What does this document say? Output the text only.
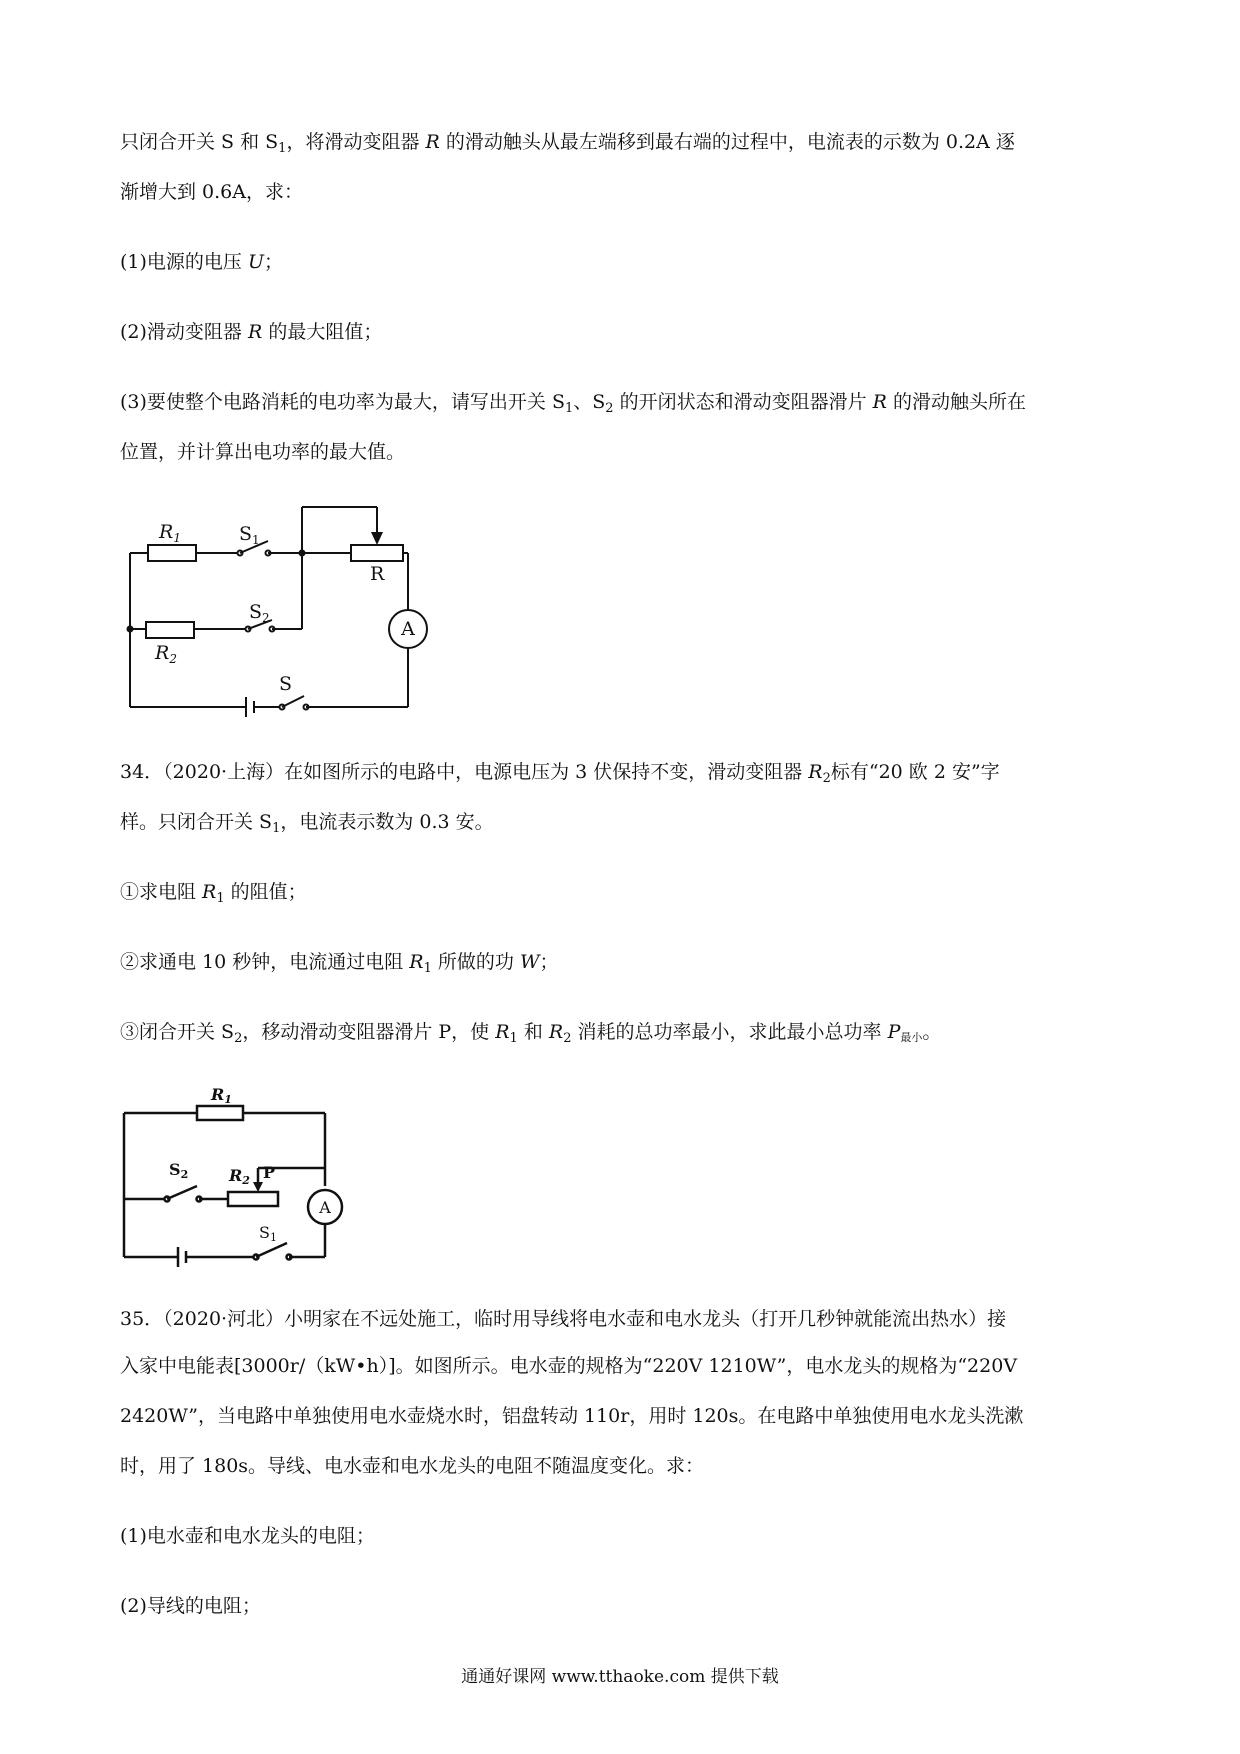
只闭合开关 S 和 $S_1$，将滑动变阻器 R 的滑动触头从最左端移到最右端的过程中，电流表的示数为 0.2A 逐

渐增大到 0.6A，求：

(1)电源的电压 U；

(2)滑动变阻器 R 的最大阻值；

(3)要使整个电路消耗的电功率为最大，请写出开关 $S_1$、$S_2$ 的开闭状态和滑动变阻器滑片 R 的滑动触头所在

位置，并计算出电功率的最大值。

$R_1$	$S_1$
$S_2$
$R_2$
R
A
S

34．（2020·上海）在如图所示的电路中，电源电压为 3 伏保持不变，滑动变阻器 $R_2$标有“20 欧 2 安”字

样。只闭合开关 $S_1$，电流表示数为 0.3 安。

①求电阻 $R_1$ 的阻值；

②求通电 10 秒钟，电流通过电阻 $R_1$ 所做的功 W；

③闭合开关 $S_2$，移动滑动变阻器滑片 P，使 $R_1$ 和 $R_2$ 消耗的总功率最小，求此最小总功率 P最小。

R1
S2	R2 P
A
S1

35．（2020·河北）小明家在不远处施工，临时用导线将电水壶和电水龙头（打开几秒钟就能流出热水）接

入家中电能表[3000r/（kW•h）]。如图所示。电水壶的规格为“220V 1210W”，电水龙头的规格为“220V

2420W”，当电路中单独使用电水壶烧水时，铝盘转动 110r，用时 120s。在电路中单独使用电水龙头洗漱

时，用了 180s。导线、电水壶和电水龙头的电阻不随温度变化。求：

(1)电水壶和电水龙头的电阻；

(2)导线的电阻；

通通好课网 www.tthaoke.com 提供下载
